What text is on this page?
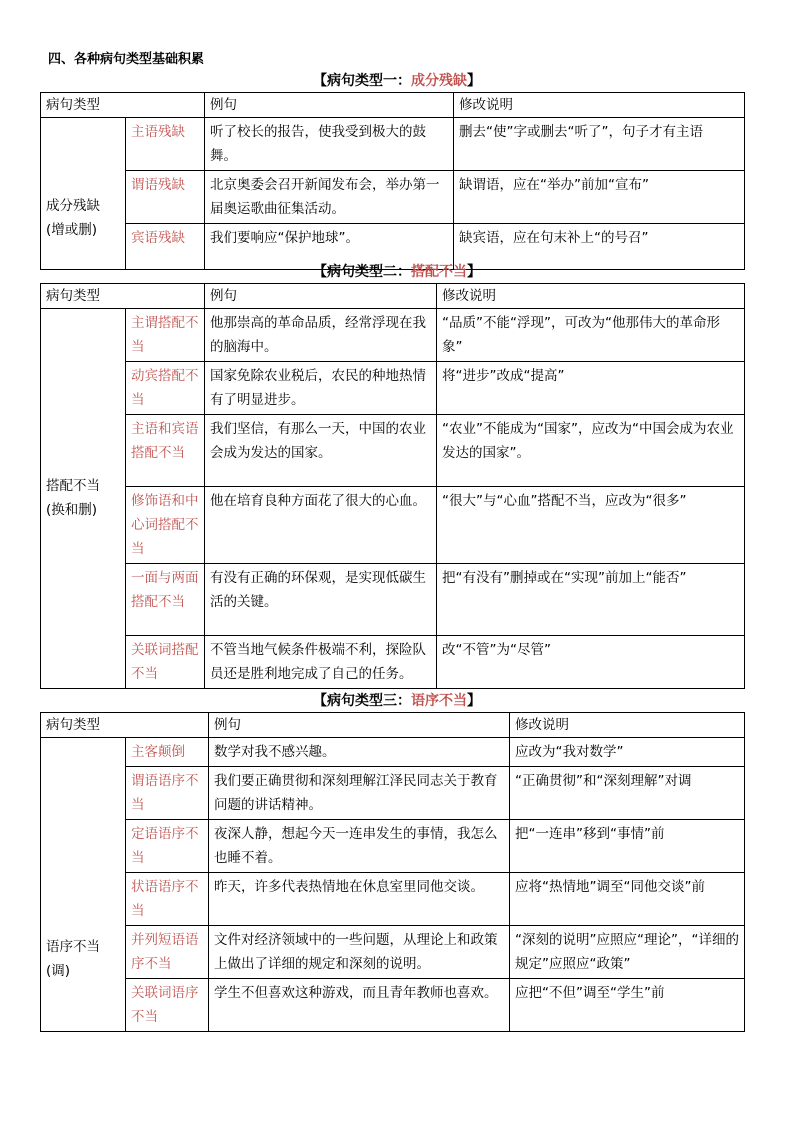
四、各种病句类型基础积累
【病句类型一：成分残缺】
病句类型		例句	修改说明

成分残缺
(增或删)	主语残缺	听了校长的报告，使我受到极大的鼓舞。	删去“使”字或删去“听了”，句子才有主语
	谓语残缺	北京奥委会召开新闻发布会，举办第一届奥运歌曲征集活动。	缺谓语，应在“举办”前加“宣布”
	宾语残缺	我们要响应“保护地球”。	缺宾语，应在句末补上“的号召”
【病句类型二：搭配不当】
病句类型		例句	修改说明

搭配不当
(换和删)	主谓搭配不当	他那崇高的革命品质，经常浮现在我的脑海中。	“品质”不能“浮现”，可改为“他那伟大的革命形象”
	动宾搭配不当	国家免除农业税后，农民的种地热情有了明显进步。	将“进步”改成“提高”
	主语和宾语搭配不当	我们坚信，有那么一天，中国的农业会成为发达的国家。	“农业”不能成为“国家”，应改为“中国会成为农业发达的国家”。
	修饰语和中心词搭配不当	他在培育良种方面花了很大的心血。	“很大”与“心血”搭配不当，应改为“很多”
	一面与两面搭配不当	有没有正确的环保观，是实现低碳生活的关键。	把“有没有”删掉或在“实现”前加上“能否”
	关联词搭配不当	不管当地气候条件极端不利，探险队员还是胜利地完成了自己的任务。	改“不管”为“尽管”
【病句类型三：语序不当】
病句类型		例句	修改说明

语序不当
(调)	主客颠倒	数学对我不感兴趣。	应改为“我对数学”
	谓语语序不当	我们要正确贯彻和深刻理解江泽民同志关于教育问题的讲话精神。	“正确贯彻”和“深刻理解”对调
	定语语序不当	夜深人静，想起今天一连串发生的事情，我怎么也睡不着。	把“一连串”移到“事情”前
	状语语序不当	昨天，许多代表热情地在休息室里同他交谈。	应将“热情地”调至“同他交谈”前
	并列短语语序不当	文件对经济领域中的一些问题，从理论上和政策上做出了详细的规定和深刻的说明。	“深刻的说明”应照应“理论”，“详细的规定”应照应“政策”
	关联词语序不当	学生不但喜欢这种游戏，而且青年教师也喜欢。	应把“不但”调至“学生”前
